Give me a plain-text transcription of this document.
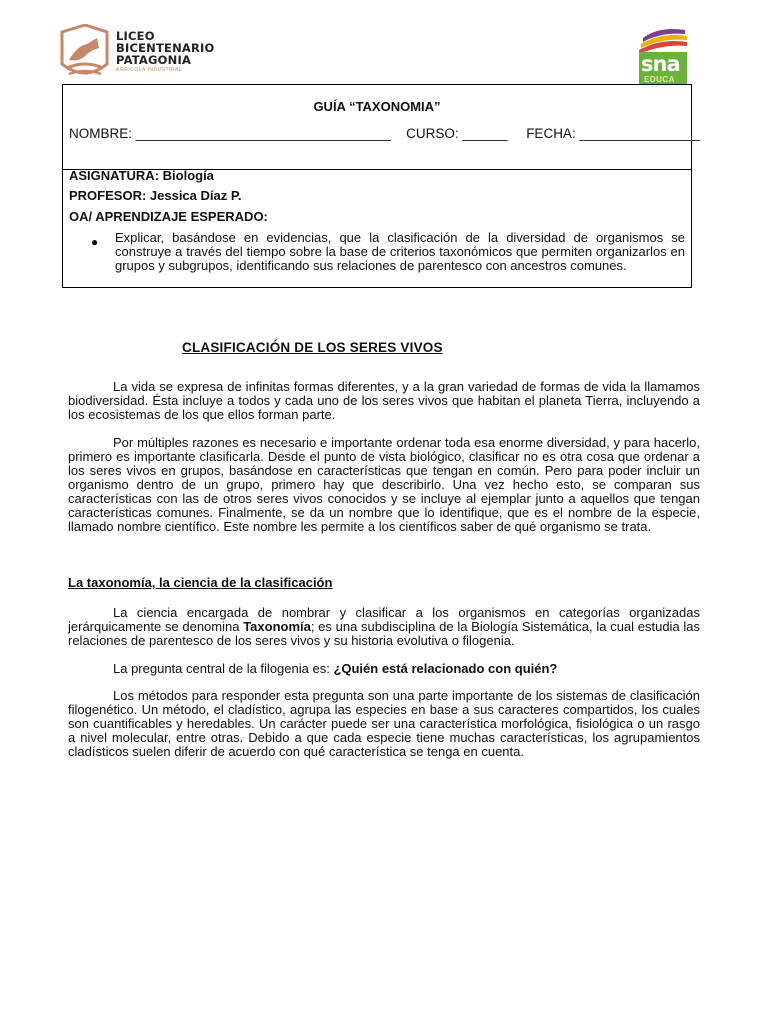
LICEO
BICENTENARIO
PATAGONIA
AGRÍCOLA INDUSTRIAL	sna
EDUCA
GUÍA “TAXONOMIA”
NOMBRE: __________________________________ CURSO: ______ FECHA: ________________
ASIGNATURA: Biología
PROFESOR: Jessica Díaz P.
OA/ APRENDIZAJE ESPERADO:
● Explicar, basándose en evidencias, que la clasificación de la diversidad de organismos se construye a través del tiempo sobre la base de criterios taxonómicos que permiten organizarlos en grupos y subgrupos, identificando sus relaciones de parentesco con ancestros comunes.
CLASIFICACIÓN DE LOS SERES VIVOS

La vida se expresa de infinitas formas diferentes, y a la gran variedad de formas de vida la llamamos biodiversidad. Ésta incluye a todos y cada uno de los seres vivos que habitan el planeta Tierra, incluyendo a los ecosistemas de los que ellos forman parte.

Por múltiples razones es necesario e importante ordenar toda esa enorme diversidad, y para hacerlo, primero es importante clasificarla. Desde el punto de vista biológico, clasificar no es otra cosa que ordenar a los seres vivos en grupos, basándose en características que tengan en común. Pero para poder incluir un organismo dentro de un grupo, primero hay que describirlo. Una vez hecho esto, se comparan sus características con las de otros seres vivos conocidos y se incluye al ejemplar junto a aquellos que tengan características comunes. Finalmente, se da un nombre que lo identifique, que es el nombre de la especie, llamado nombre científico. Este nombre les permite a los científicos saber de qué organismo se trata.

La taxonomía, la ciencia de la clasificación

La ciencia encargada de nombrar y clasificar a los organismos en categorías organizadas jerárquicamente se denomina Taxonomía; es una subdisciplina de la Biología Sistemática, la cual estudia las relaciones de parentesco de los seres vivos y su historia evolutiva o filogenia.

La pregunta central de la filogenia es: ¿Quién está relacionado con quién?

Los métodos para responder esta pregunta son una parte importante de los sistemas de clasificación filogenético. Un método, el cladístico, agrupa las especies en base a sus caracteres compartidos, los cuales son cuantificables y heredables. Un carácter puede ser una característica morfológica, fisiológica o un rasgo a nivel molecular, entre otras. Debido a que cada especie tiene muchas características, los agrupamientos cladísticos suelen diferir de acuerdo con qué característica se tenga en cuenta.
